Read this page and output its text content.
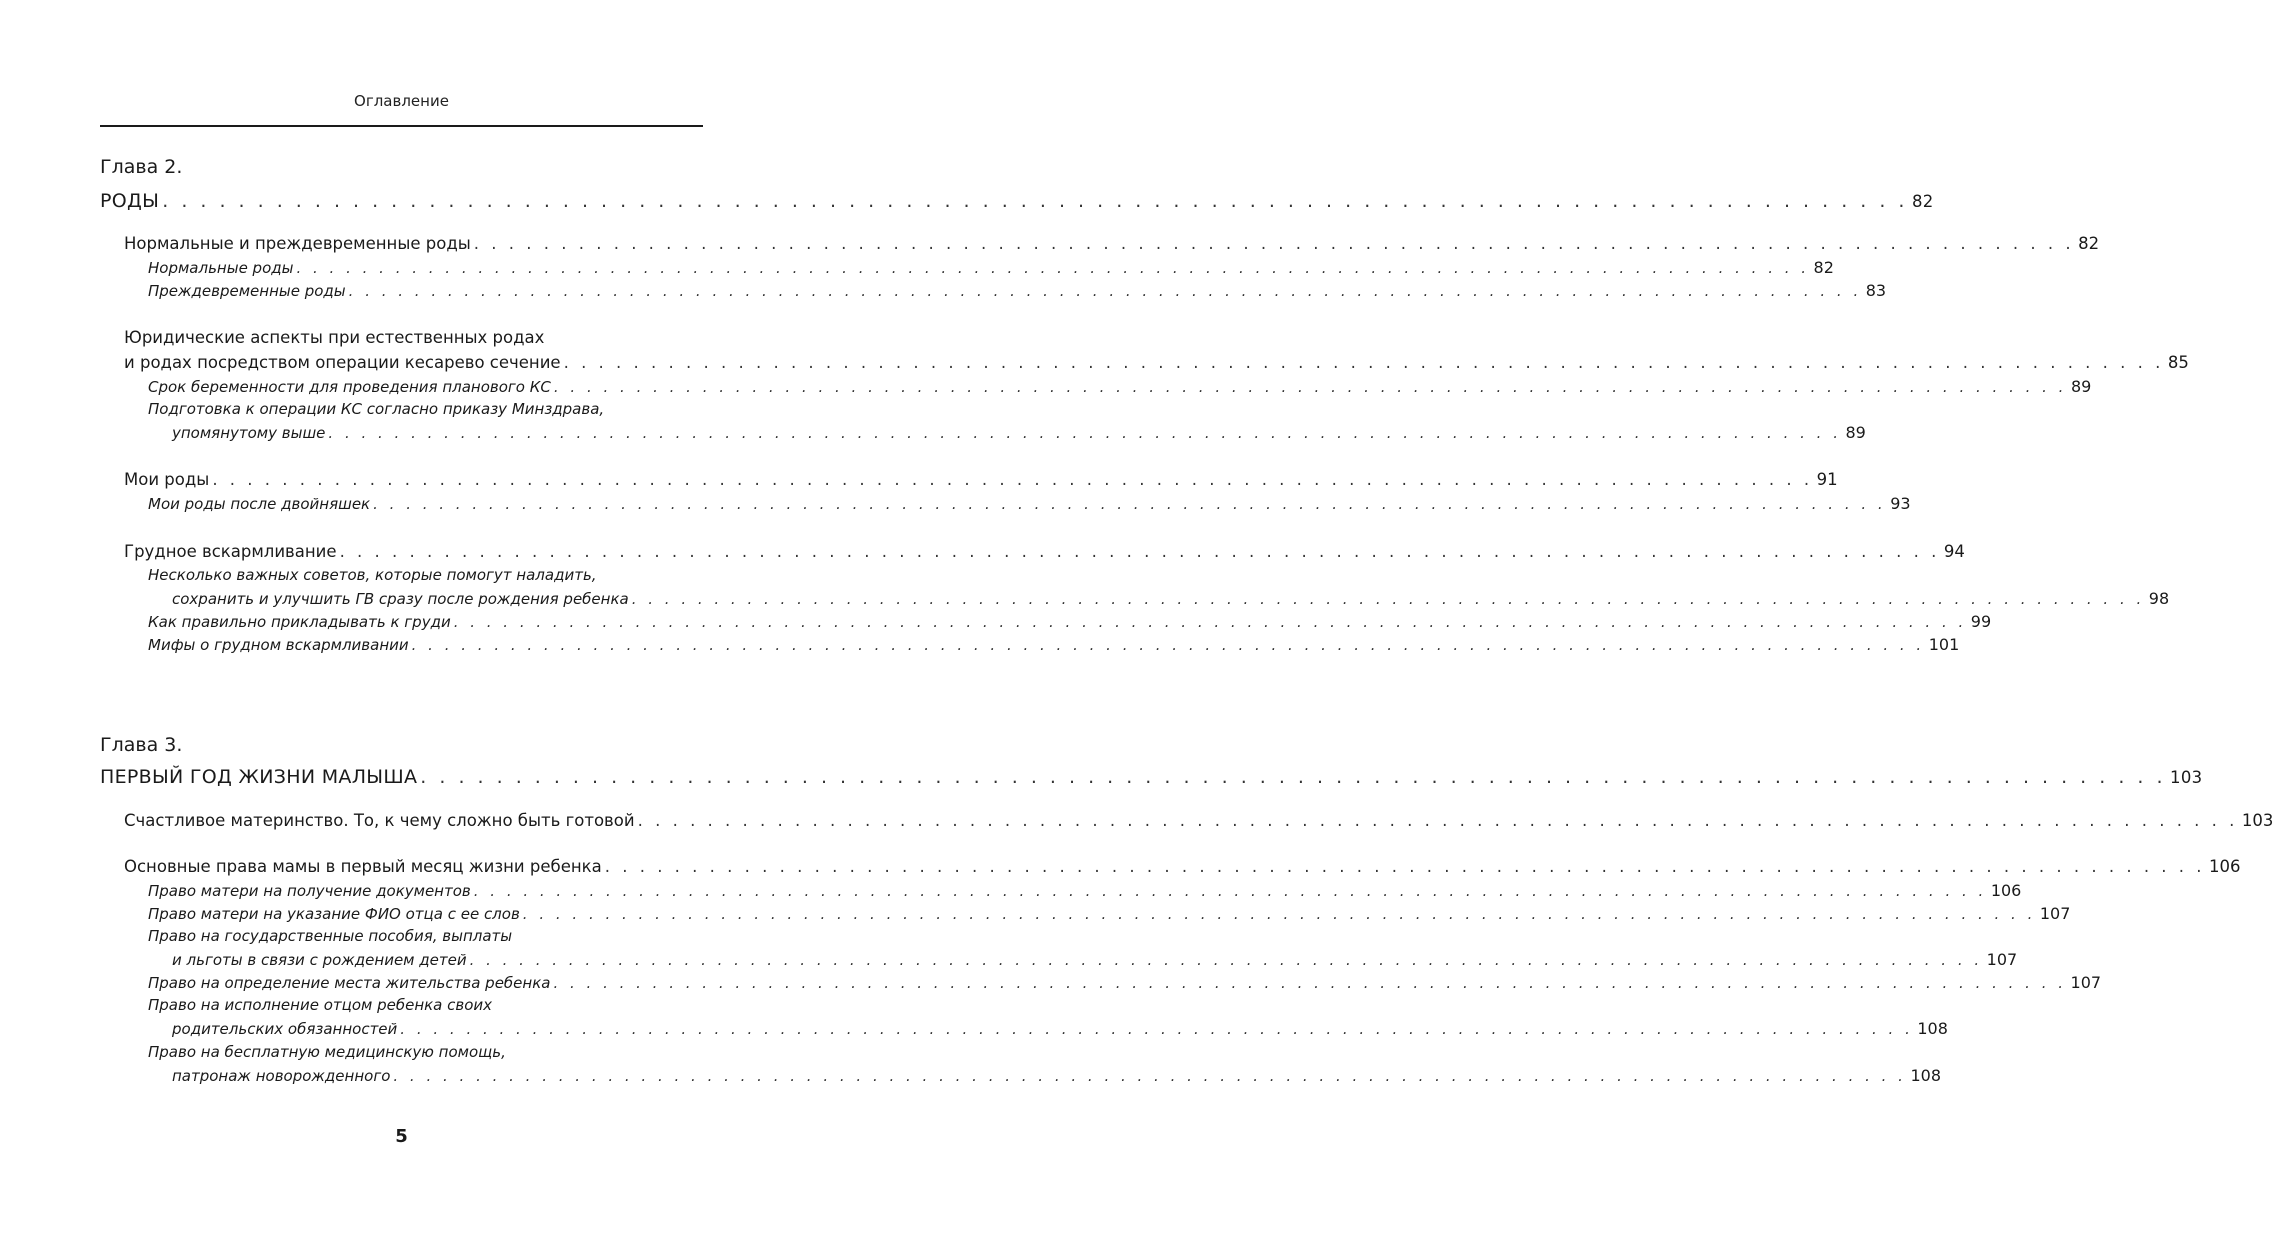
Оглавление
Глава 2.
РОДЫ . . . . . . . . . . . . . . . . . . . . . . . . . . . . . . . . . . . . . . . . . . . . . . . . . . . . . . . . . . . . . . . . . . . . . . . . . . . . . . . . . . . . . . . . . . . . 82
Нормальные и преждевременные роды . . . . . . . . . . . . . . . . . . . . . . . . . . . . . . . . . . . . . . . . . . . . . . . . . . . . . . . . . . . . . . . . . . . . . . . . . . . . . . . . . . . . . . . . . . . . 82
Нормальные роды . . . . . . . . . . . . . . . . . . . . . . . . . . . . . . . . . . . . . . . . . . . . . . . . . . . . . . . . . . . . . . . . . . . . . . . . . . . . . . . . . . . . . . . . . . . . 82
Преждевременные роды . . . . . . . . . . . . . . . . . . . . . . . . . . . . . . . . . . . . . . . . . . . . . . . . . . . . . . . . . . . . . . . . . . . . . . . . . . . . . . . . . . . . . . . . . . . . 83
Юридические аспекты при естественных родах
и родах посредством операции кесарево сечение . . . . . . . . . . . . . . . . . . . . . . . . . . . . . . . . . . . . . . . . . . . . . . . . . . . . . . . . . . . . . . . . . . . . . . . . . . . . . . . . . . . . . . . . . . . . 85
Срок беременности для проведения планового КС . . . . . . . . . . . . . . . . . . . . . . . . . . . . . . . . . . . . . . . . . . . . . . . . . . . . . . . . . . . . . . . . . . . . . . . . . . . . . . . . . . . . . . . . . . . . 89
Подготовка к операции КС согласно приказу Минздрава,
упомянутому выше . . . . . . . . . . . . . . . . . . . . . . . . . . . . . . . . . . . . . . . . . . . . . . . . . . . . . . . . . . . . . . . . . . . . . . . . . . . . . . . . . . . . . . . . . . . . 89
Мои роды . . . . . . . . . . . . . . . . . . . . . . . . . . . . . . . . . . . . . . . . . . . . . . . . . . . . . . . . . . . . . . . . . . . . . . . . . . . . . . . . . . . . . . . . . . . . 91
Мои роды после двойняшек . . . . . . . . . . . . . . . . . . . . . . . . . . . . . . . . . . . . . . . . . . . . . . . . . . . . . . . . . . . . . . . . . . . . . . . . . . . . . . . . . . . . . . . . . . . . 93
Грудное вскармливание . . . . . . . . . . . . . . . . . . . . . . . . . . . . . . . . . . . . . . . . . . . . . . . . . . . . . . . . . . . . . . . . . . . . . . . . . . . . . . . . . . . . . . . . . . . . 94
Несколько важных советов, которые помогут наладить,
сохранить и улучшить ГВ сразу после рождения ребенка . . . . . . . . . . . . . . . . . . . . . . . . . . . . . . . . . . . . . . . . . . . . . . . . . . . . . . . . . . . . . . . . . . . . . . . . . . . . . . . . . . . . . . . . . . . . 98
Как правильно прикладывать к груди . . . . . . . . . . . . . . . . . . . . . . . . . . . . . . . . . . . . . . . . . . . . . . . . . . . . . . . . . . . . . . . . . . . . . . . . . . . . . . . . . . . . . . . . . . . . 99
Мифы о грудном вскармливании . . . . . . . . . . . . . . . . . . . . . . . . . . . . . . . . . . . . . . . . . . . . . . . . . . . . . . . . . . . . . . . . . . . . . . . . . . . . . . . . . . . . . . . . . . . . 101
Глава 3.
ПЕРВЫЙ ГОД ЖИЗНИ МАЛЫША . . . . . . . . . . . . . . . . . . . . . . . . . . . . . . . . . . . . . . . . . . . . . . . . . . . . . . . . . . . . . . . . . . . . . . . . . . . . . . . . . . . . . . . . . . . . 103
Счастливое материнство. То, к чему сложно быть готовой . . . . . . . . . . . . . . . . . . . . . . . . . . . . . . . . . . . . . . . . . . . . . . . . . . . . . . . . . . . . . . . . . . . . . . . . . . . . . . . . . . . . . . . . . . . . 103
Основные права мамы в первый месяц жизни ребенка . . . . . . . . . . . . . . . . . . . . . . . . . . . . . . . . . . . . . . . . . . . . . . . . . . . . . . . . . . . . . . . . . . . . . . . . . . . . . . . . . . . . . . . . . . . . 106
Право матери на получение документов . . . . . . . . . . . . . . . . . . . . . . . . . . . . . . . . . . . . . . . . . . . . . . . . . . . . . . . . . . . . . . . . . . . . . . . . . . . . . . . . . . . . . . . . . . . . 106
Право матери на указание ФИО отца с ее слов . . . . . . . . . . . . . . . . . . . . . . . . . . . . . . . . . . . . . . . . . . . . . . . . . . . . . . . . . . . . . . . . . . . . . . . . . . . . . . . . . . . . . . . . . . . . 107
Право на государственные пособия, выплаты
и льготы в связи с рождением детей . . . . . . . . . . . . . . . . . . . . . . . . . . . . . . . . . . . . . . . . . . . . . . . . . . . . . . . . . . . . . . . . . . . . . . . . . . . . . . . . . . . . . . . . . . . . 107
Право на определение места жительства ребенка . . . . . . . . . . . . . . . . . . . . . . . . . . . . . . . . . . . . . . . . . . . . . . . . . . . . . . . . . . . . . . . . . . . . . . . . . . . . . . . . . . . . . . . . . . . . 107
Право на исполнение отцом ребенка своих
родительских обязанностей . . . . . . . . . . . . . . . . . . . . . . . . . . . . . . . . . . . . . . . . . . . . . . . . . . . . . . . . . . . . . . . . . . . . . . . . . . . . . . . . . . . . . . . . . . . . 108
Право на бесплатную медицинскую помощь,
патронаж новорожденного . . . . . . . . . . . . . . . . . . . . . . . . . . . . . . . . . . . . . . . . . . . . . . . . . . . . . . . . . . . . . . . . . . . . . . . . . . . . . . . . . . . . . . . . . . . . 108
5
